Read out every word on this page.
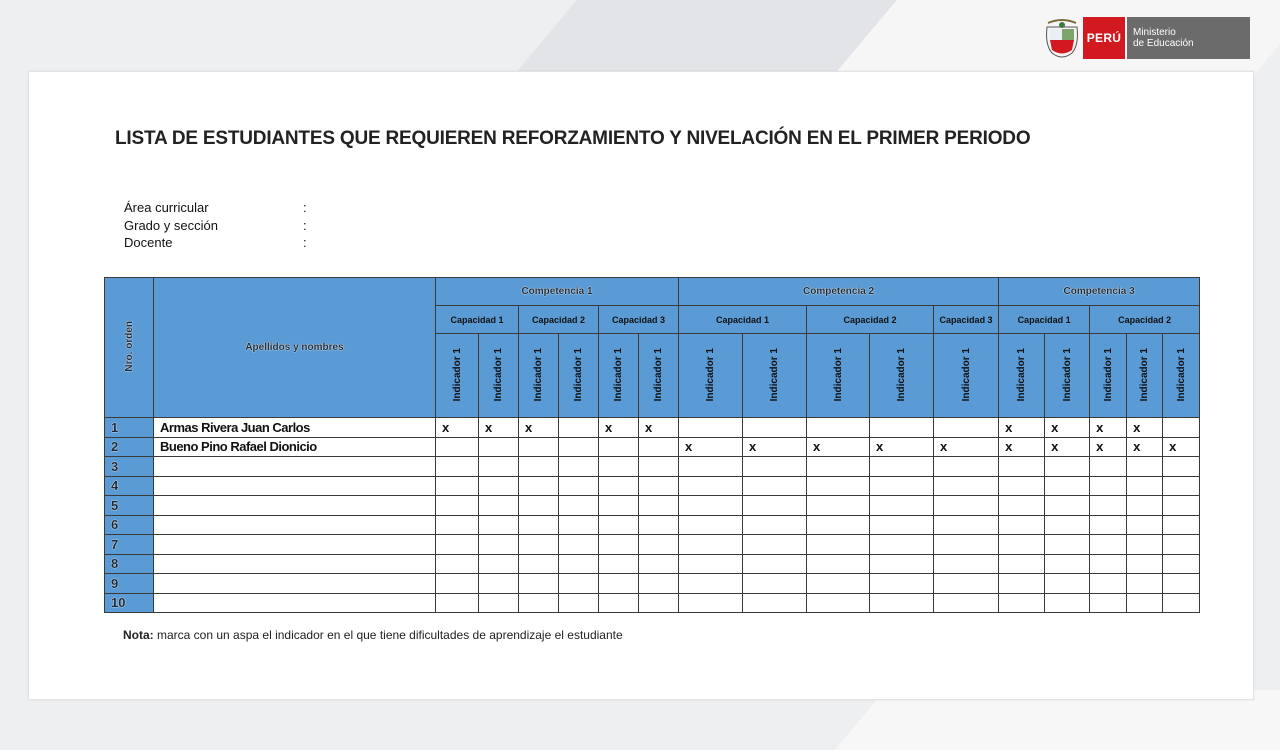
PERÚ	Ministerio
de Educación
LISTA DE ESTUDIANTES QUE REQUIEREN REFORZAMIENTO Y NIVELACIÓN EN EL PRIMER PERIODO
Área curricular	:
Grado y sección	:
Docente	:
Nro. orden	Apellidos y nombres	Competencia 1						Competencia 2					Competencia 3				
		Capacidad 1		Capacidad 2		Capacidad 3		Capacidad 1		Capacidad 2		Capacidad 3	Capacidad 1		Capacidad 2		
		Indicador 1	Indicador 1	Indicador 1	Indicador 1	Indicador 1	Indicador 1	Indicador 1	Indicador 1	Indicador 1	Indicador 1	Indicador 1	Indicador 1	Indicador 1	Indicador 1	Indicador 1	Indicador 1
1	Armas Rivera Juan Carlos	x	x	x		x	x						x	x	x	x	
2	Bueno Pino Rafael Dionicio							x	x	x	x	x	x	x	x	x	x
3																	
4																	
5																	
6																	
7																	
8																	
9																	
10																	
Nota: marca con un aspa el indicador en el que tiene dificultades de aprendizaje el estudiante
